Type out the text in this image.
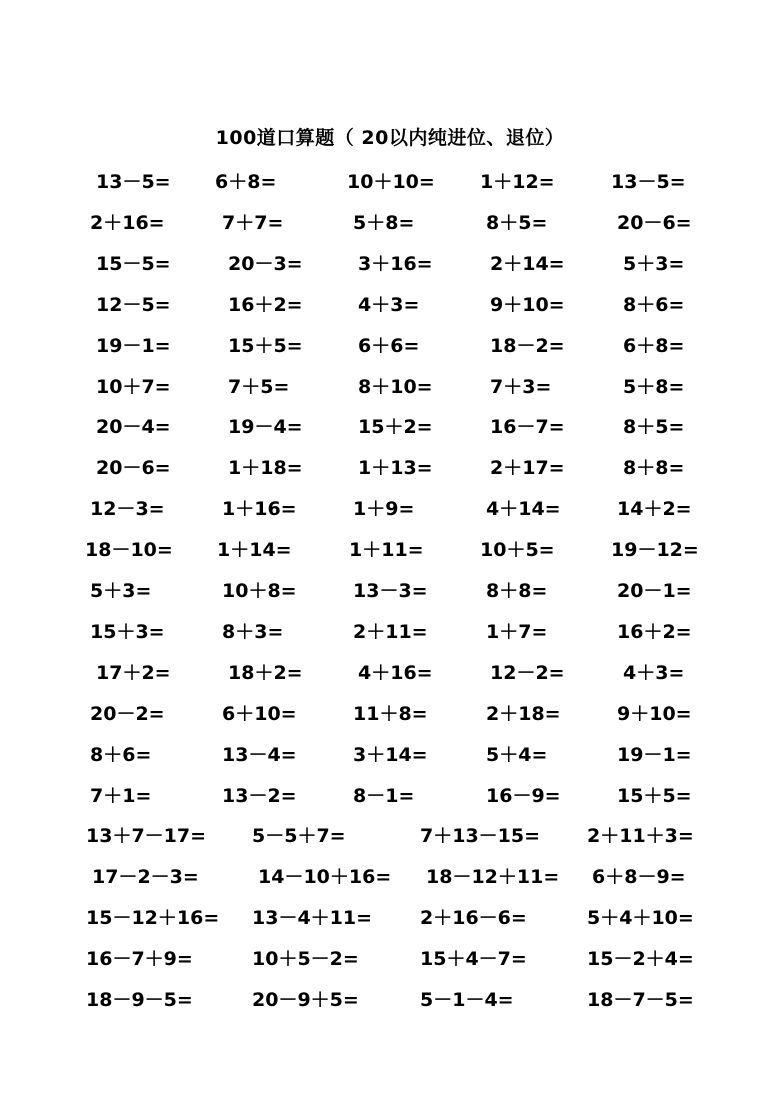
100道口算题（ 20以内纯进位、退位）
13－5= 6＋8=	10＋10= 1＋12=	13－5=
2＋16=	7＋7=	5＋8=	8＋5=	20－6=
15－5=	20－3=	3＋16=	2＋14=	5＋3=
12－5=	16＋2=	4＋3=	9＋10=	8＋6=
19－1=	15＋5=	6＋6=	18－2=	6＋8=
10＋7=	7＋5=	8＋10=	7＋3=	5＋8=
20－4=	19－4=	15＋2=	16－7=	8＋5=
20－6=	1＋18=	1＋13=	2＋17=	8＋8=
12－3=	1＋16=	1＋9=	4＋14=	14＋2=
18－10= 1＋14=	1＋11=	10＋5=	19－12=
5＋3=	10＋8=	13－3=	8＋8=	20－1=
15＋3=	8＋3=	2＋11=	1＋7=	16＋2=
17＋2=	18＋2=	4＋16=	12－2=	4＋3=
20－2=	6＋10=	11＋8=	2＋18=	9＋10=
8＋6=	13－4=	3＋14=	5＋4=	19－1=
7＋1=	13－2=	8－1=	16－9=	15＋5=
13＋7－17= 5－5＋7=	7＋13－15= 2＋11＋3=
17－2－3=	14－10＋16= 18－12＋11= 6＋8－9=
15－12＋16= 13－4＋11=	2＋16－6=	5＋4＋10=
16－7＋9=	10＋5－2=	15＋4－7=	15－2＋4=
18－9－5=	20－9＋5=	5－1－4=	18－7－5=
